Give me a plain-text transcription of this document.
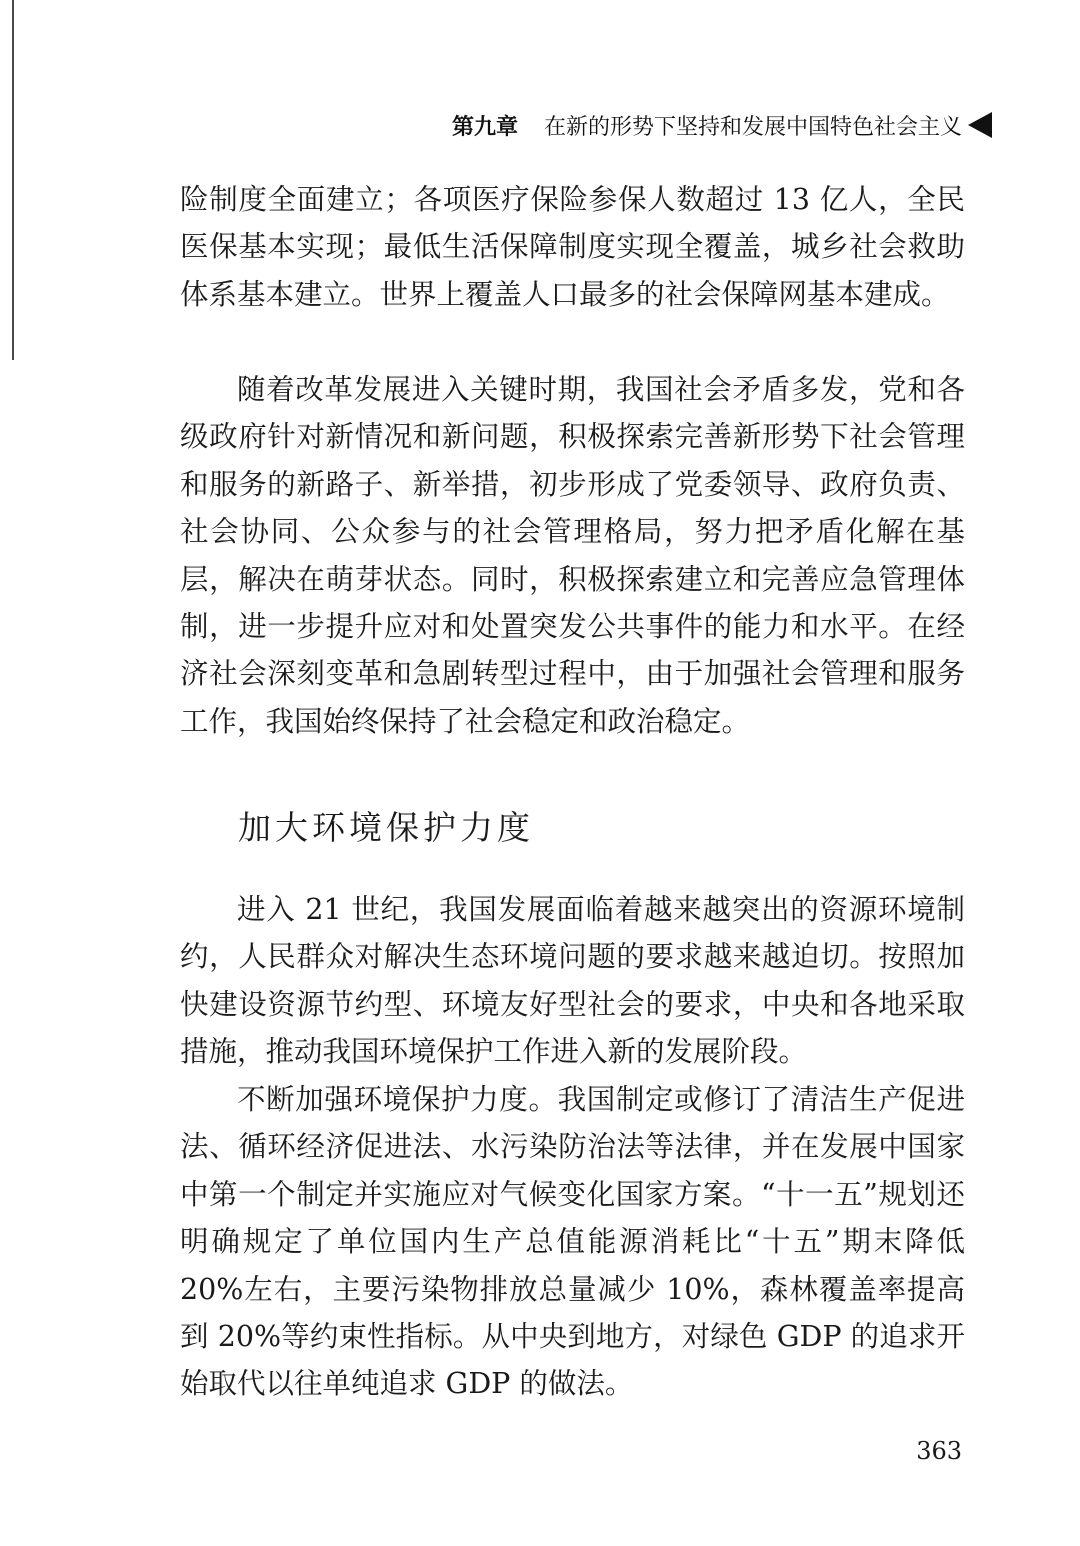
第九章 在新的形势下坚持和发展中国特色社会主义

险制度全面建立；各项医疗保险参保人数超过 13 亿人，全民医保基本实现；最低生活保障制度实现全覆盖，城乡社会救助体系基本建立。世界上覆盖人口最多的社会保障网基本建成。

随着改革发展进入关键时期，我国社会矛盾多发，党和各级政府针对新情况和新问题，积极探索完善新形势下社会管理和服务的新路子、新举措，初步形成了党委领导、政府负责、社会协同、公众参与的社会管理格局，努力把矛盾化解在基层，解决在萌芽状态。同时，积极探索建立和完善应急管理体制，进一步提升应对和处置突发公共事件的能力和水平。在经济社会深刻变革和急剧转型过程中，由于加强社会管理和服务工作，我国始终保持了社会稳定和政治稳定。

加大环境保护力度

进入 21 世纪，我国发展面临着越来越突出的资源环境制约，人民群众对解决生态环境问题的要求越来越迫切。按照加快建设资源节约型、环境友好型社会的要求，中央和各地采取措施，推动我国环境保护工作进入新的发展阶段。

不断加强环境保护力度。我国制定或修订了清洁生产促进法、循环经济促进法、水污染防治法等法律，并在发展中国家中第一个制定并实施应对气候变化国家方案。“十一五”规划还明确规定了单位国内生产总值能源消耗比“十五”期末降低 20%左右，主要污染物排放总量减少 10%，森林覆盖率提高到 20%等约束性指标。从中央到地方，对绿色 GDP 的追求开始取代以往单纯追求 GDP 的做法。

363
